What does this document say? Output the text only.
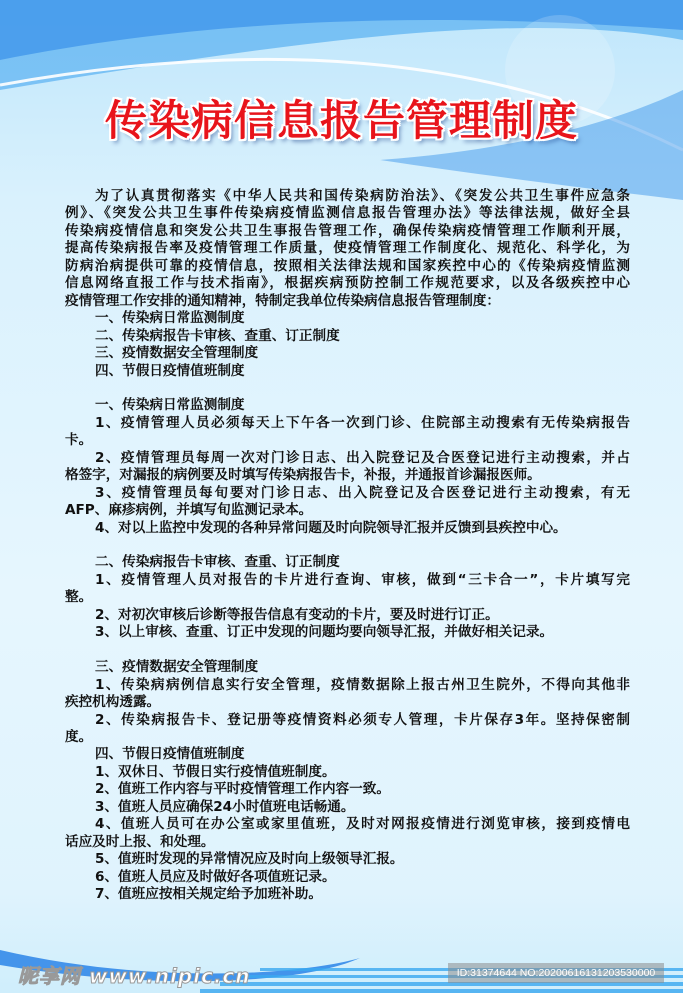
传染病信息报告管理制度
为了认真贯彻落实《中华人民共和国传染病防治法》、《突发公共卫生事件应急条
例》、《突发公共卫生事件传染病疫情监测信息报告管理办法》等法律法规，做好全县
传染病疫情信息和突发公共卫生事报告管理工作，确保传染病疫情管理工作顺利开展，
提高传染病报告率及疫情管理工作质量，使疫情管理工作制度化、规范化、科学化，为
防病治病提供可靠的疫情信息，按照相关法律法规和国家疾控中心的《传染病疫情监测
信息网络直报工作与技术指南》，根据疾病预防控制工作规范要求，以及各级疾控中心
疫情管理工作安排的通知精神，特制定我单位传染病信息报告管理制度：
一、传染病日常监测制度
二、传染病报告卡审核、查重、订正制度
三、疫情数据安全管理制度
四、节假日疫情值班制度
一、传染病日常监测制度
1、疫情管理人员必须每天上下午各一次到门诊、住院部主动搜索有无传染病报告
卡。
2、疫情管理员每周一次对门诊日志、出入院登记及合医登记进行主动搜索，并占
格签字，对漏报的病例要及时填写传染病报告卡，补报，并通报首诊漏报医师。
3、疫情管理员每旬要对门诊日志、出入院登记及合医登记进行主动搜索，有无
AFP、麻疹病例，并填写旬监测记录本。
4、对以上监控中发现的各种异常问题及时向院领导汇报并反馈到县疾控中心。
二、传染病报告卡审核、查重、订正制度
1、疫情管理人员对报告的卡片进行查询、审核，做到“三卡合一”，卡片填写完
整。
2、对初次审核后诊断等报告信息有变动的卡片，要及时进行订正。
3、以上审核、查重、订正中发现的问题均要向领导汇报，并做好相关记录。
三、疫情数据安全管理制度
1、传染病病例信息实行安全管理，疫情数据除上报古州卫生院外，不得向其他非
疾控机构透露。
2、传染病报告卡、登记册等疫情资料必须专人管理，卡片保存3年。坚持保密制
度。
四、节假日疫情值班制度
1、双休日、节假日实行疫情值班制度。
2、值班工作内容与平时疫情管理工作内容一致。
3、值班人员应确保24小时值班电话畅通。
4、值班人员可在办公室或家里值班，及时对网报疫情进行浏览审核，接到疫情电
话应及时上报、和处理。
5、值班时发现的异常情况应及时向上级领导汇报。
6、值班人员应及时做好各项值班记录。
7、值班应按相关规定给予加班补助。
昵享网 www.nipic.cn	ID:31374644 NO:20200616131203530000
